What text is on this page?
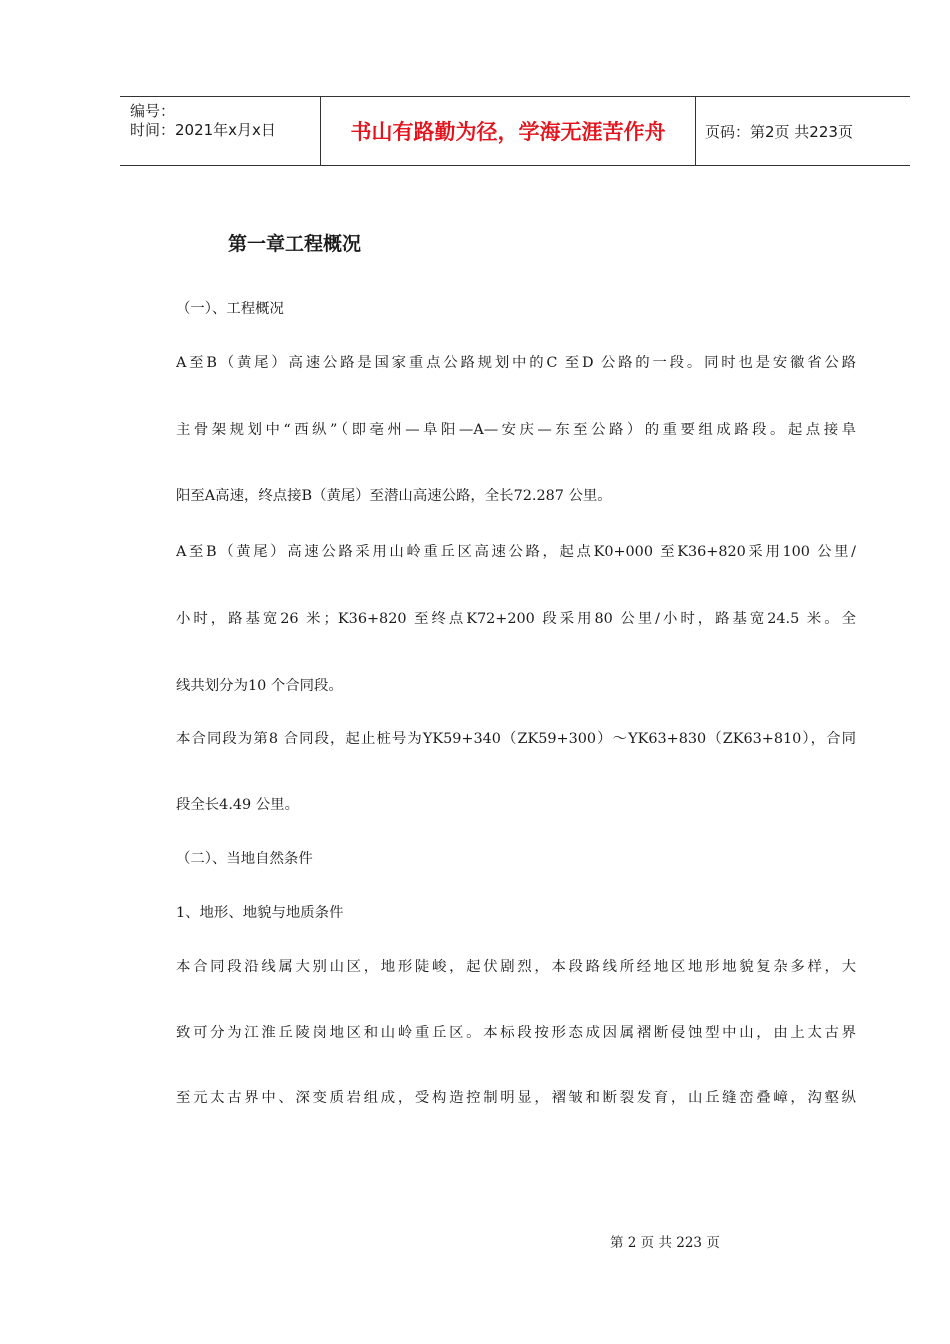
编号：
时间：2021年x月x日	书山有路勤为径，学海无涯苦作舟	页码：第2页 共223页
第一章工程概况
（一）、工程概况
A至B（黄尾）高速公路是国家重点公路规划中的C 至D 公路的一段。同时也是安徽省公路
主骨架规划中“西纵”（即亳州—阜阳—A—安庆—东至公路）的重要组成路段。起点接阜
阳至A高速，终点接B（黄尾）至潜山高速公路，全长72.287 公里。
A至B（黄尾）高速公路采用山岭重丘区高速公路，起点K0+000 至K36+820采用100 公里/
小时，路基宽26 米；K36+820 至终点K72+200 段采用80 公里/小时，路基宽24.5 米。全
线共划分为10 个合同段。
本合同段为第8 合同段，起止桩号为YK59+340（ZK59+300）～YK63+830（ZK63+810），合同
段全长4.49 公里。
（二）、当地自然条件
1、地形、地貌与地质条件
本合同段沿线属大别山区，地形陡峻，起伏剧烈，本段路线所经地区地形地貌复杂多样，大
致可分为江淮丘陵岗地区和山岭重丘区。本标段按形态成因属褶断侵蚀型中山，由上太古界
至元太古界中、深变质岩组成，受构造控制明显，褶皱和断裂发育，山丘缝峦叠嶂，沟壑纵
第 2 页 共 223 页
